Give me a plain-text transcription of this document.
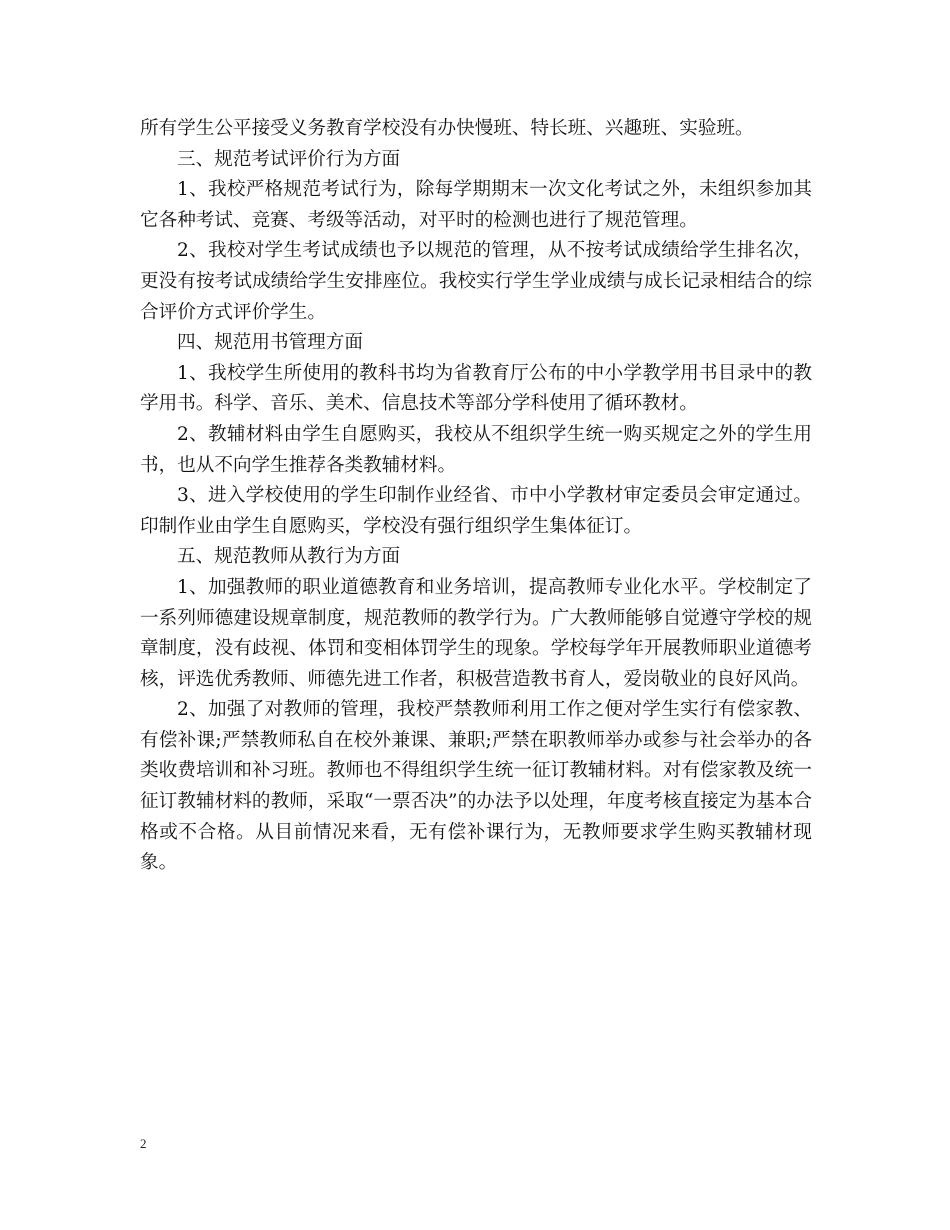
所有学生公平接受义务教育学校没有办快慢班、特长班、兴趣班、实验班。

三、规范考试评价行为方面

1、我校严格规范考试行为，除每学期期末一次文化考试之外，未组织参加其它各种考试、竞赛、考级等活动，对平时的检测也进行了规范管理。

2、我校对学生考试成绩也予以规范的管理，从不按考试成绩给学生排名次，更没有按考试成绩给学生安排座位。我校实行学生学业成绩与成长记录相结合的综合评价方式评价学生。

四、规范用书管理方面

1、我校学生所使用的教科书均为省教育厅公布的中小学教学用书目录中的教学用书。科学、音乐、美术、信息技术等部分学科使用了循环教材。

2、教辅材料由学生自愿购买，我校从不组织学生统一购买规定之外的学生用书，也从不向学生推荐各类教辅材料。

3、进入学校使用的学生印制作业经省、市中小学教材审定委员会审定通过。印制作业由学生自愿购买，学校没有强行组织学生集体征订。

五、规范教师从教行为方面

1、加强教师的职业道德教育和业务培训，提高教师专业化水平。学校制定了一系列师德建设规章制度，规范教师的教学行为。广大教师能够自觉遵守学校的规章制度，没有歧视、体罚和变相体罚学生的现象。学校每学年开展教师职业道德考核，评选优秀教师、师德先进工作者，积极营造教书育人，爱岗敬业的良好风尚。

2、加强了对教师的管理，我校严禁教师利用工作之便对学生实行有偿家教、有偿补课;严禁教师私自在校外兼课、兼职;严禁在职教师举办或参与社会举办的各类收费培训和补习班。教师也不得组织学生统一征订教辅材料。对有偿家教及统一征订教辅材料的教师，采取“一票否决”的办法予以处理，年度考核直接定为基本合格或不合格。从目前情况来看，无有偿补课行为，无教师要求学生购买教辅材现象。

2
